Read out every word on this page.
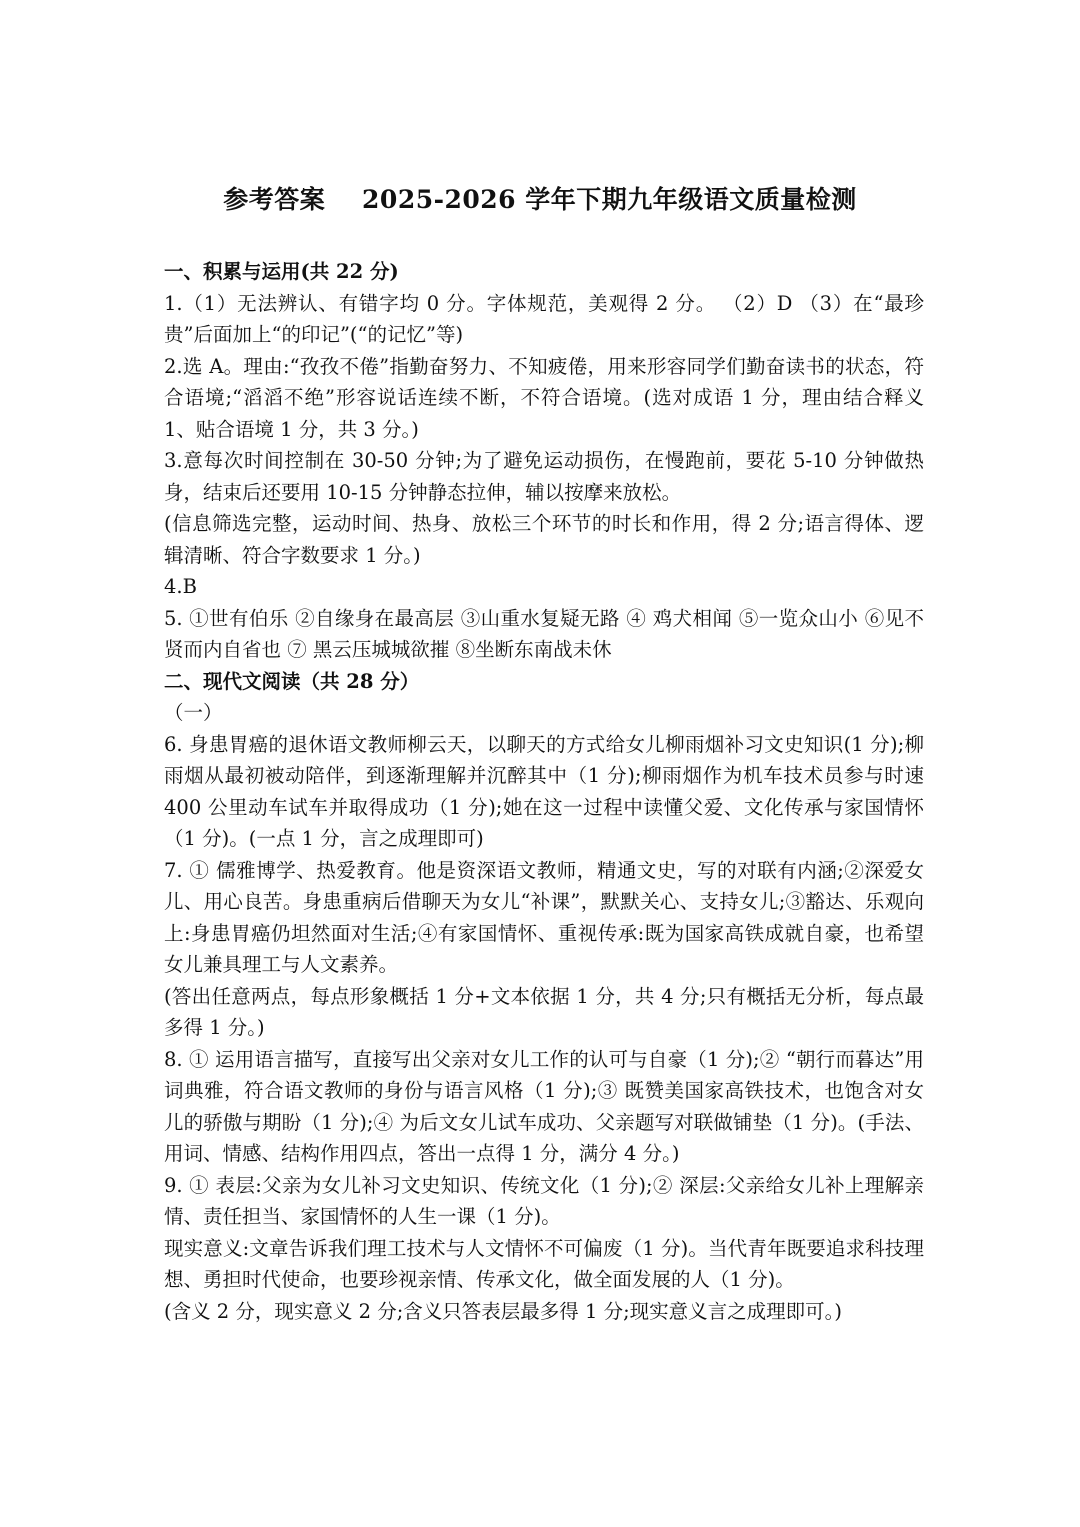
参考答案    2025-2026 学年下期九年级语文质量检测

一、积累与运用(共 22 分)

1.（1）无法辨认、有错字均 0 分。字体规范，美观得 2 分。 （2）D （3）在“最珍贵”后面加上“的印记”(“的记忆”等)

2.选 A。理由:“孜孜不倦”指勤奋努力、不知疲倦，用来形容同学们勤奋读书的状态，符合语境;“滔滔不绝”形容说话连续不断，不符合语境。(选对成语 1 分，理由结合释义 1、贴合语境 1 分，共 3 分。)

3.意每次时间控制在 30-50 分钟;为了避免运动损伤，在慢跑前，要花 5-10 分钟做热身，结束后还要用 10-15 分钟静态拉伸，辅以按摩来放松。

(信息筛选完整，运动时间、热身、放松三个环节的时长和作用，得 2 分;语言得体、逻辑清晰、符合字数要求 1 分。)

4.B

5. ①世有伯乐 ②自缘身在最高层 ③山重水复疑无路 ④ 鸡犬相闻 ⑤一览众山小 ⑥见不贤而内自省也 ⑦ 黑云压城城欲摧 ⑧坐断东南战未休

二、现代文阅读（共 28 分）

（一）

6. 身患胃癌的退休语文教师柳云天，以聊天的方式给女儿柳雨烟补习文史知识(1 分);柳雨烟从最初被动陪伴，到逐渐理解并沉醉其中（1 分);柳雨烟作为机车技术员参与时速 400 公里动车试车并取得成功（1 分);她在这一过程中读懂父爱、文化传承与家国情怀（1 分)。(一点 1 分，言之成理即可)

7. ① 儒雅博学、热爱教育。他是资深语文教师，精通文史，写的对联有内涵;②深爱女儿、用心良苦。身患重病后借聊天为女儿“补课”，默默关心、支持女儿;③豁达、乐观向上:身患胃癌仍坦然面对生活;④有家国情怀、重视传承:既为国家高铁成就自豪，也希望女儿兼具理工与人文素养。

(答出任意两点，每点形象概括 1 分+文本依据 1 分，共 4 分;只有概括无分析，每点最多得 1 分。)

8. ① 运用语言描写，直接写出父亲对女儿工作的认可与自豪（1 分);② “朝行而暮达”用词典雅，符合语文教师的身份与语言风格（1 分);③ 既赞美国家高铁技术，也饱含对女儿的骄傲与期盼（1 分);④ 为后文女儿试车成功、父亲题写对联做铺垫（1 分)。(手法、用词、情感、结构作用四点，答出一点得 1 分，满分 4 分。)

9. ① 表层:父亲为女儿补习文史知识、传统文化（1 分);② 深层:父亲给女儿补上理解亲情、责任担当、家国情怀的人生一课（1 分)。

现实意义:文章告诉我们理工技术与人文情怀不可偏废（1 分)。当代青年既要追求科技理想、勇担时代使命，也要珍视亲情、传承文化，做全面发展的人（1 分)。

(含义 2 分，现实意义 2 分;含义只答表层最多得 1 分;现实意义言之成理即可。)
